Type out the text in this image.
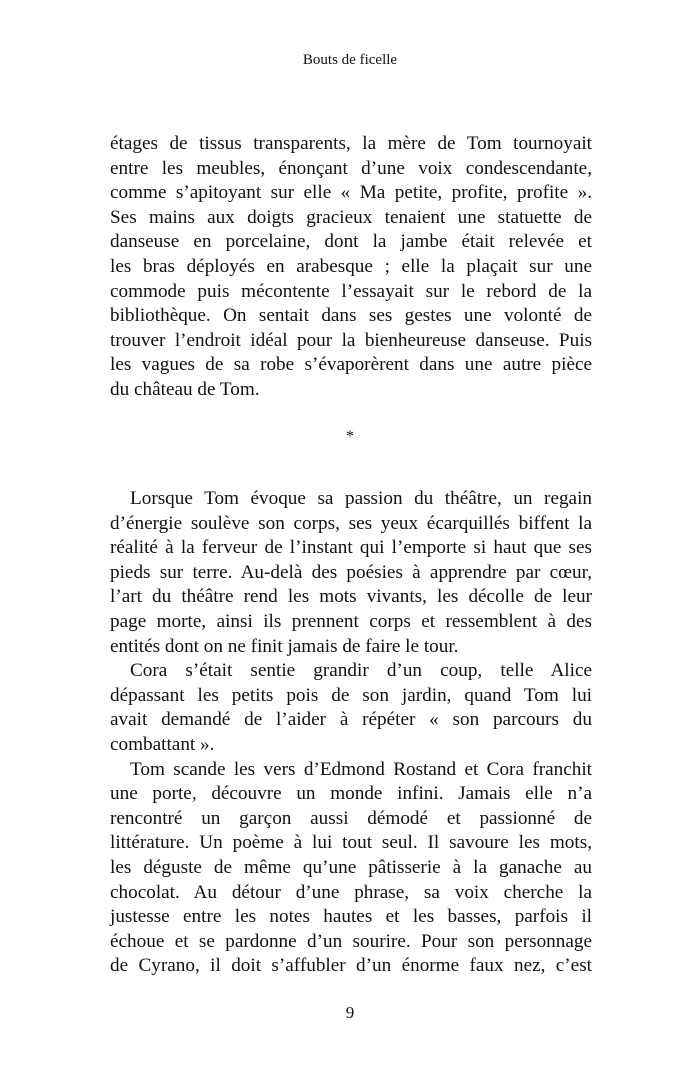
Bouts de ficelle
étages de tissus transparents, la mère de Tom tournoyait
entre les meubles, énonçant d’une voix condescendante,
comme s’apitoyant sur elle « Ma petite, profite, profite ».
Ses mains aux doigts gracieux tenaient une statuette de
danseuse en porcelaine, dont la jambe était relevée et
les bras déployés en arabesque ; elle la plaçait sur une
commode puis mécontente l’essayait sur le rebord de la
bibliothèque. On sentait dans ses gestes une volonté de
trouver l’endroit idéal pour la bienheureuse danseuse. Puis
les vagues de sa robe s’évaporèrent dans une autre pièce
du château de Tom.
*
Lorsque Tom évoque sa passion du théâtre, un regain
d’énergie soulève son corps, ses yeux écarquillés biffent la
réalité à la ferveur de l’instant qui l’emporte si haut que ses
pieds sur terre. Au-delà des poésies à apprendre par cœur,
l’art du théâtre rend les mots vivants, les décolle de leur
page morte, ainsi ils prennent corps et ressemblent à des
entités dont on ne finit jamais de faire le tour.
Cora s’était sentie grandir d’un coup, telle Alice
dépassant les petits pois de son jardin, quand Tom lui
avait demandé de l’aider à répéter « son parcours du
combattant ».
Tom scande les vers d’Edmond Rostand et Cora franchit
une porte, découvre un monde infini. Jamais elle n’a
rencontré un garçon aussi démodé et passionné de
littérature. Un poème à lui tout seul. Il savoure les mots,
les déguste de même qu’une pâtisserie à la ganache au
chocolat. Au détour d’une phrase, sa voix cherche la
justesse entre les notes hautes et les basses, parfois il
échoue et se pardonne d’un sourire. Pour son personnage
de Cyrano, il doit s’affubler d’un énorme faux nez, c’est
9
